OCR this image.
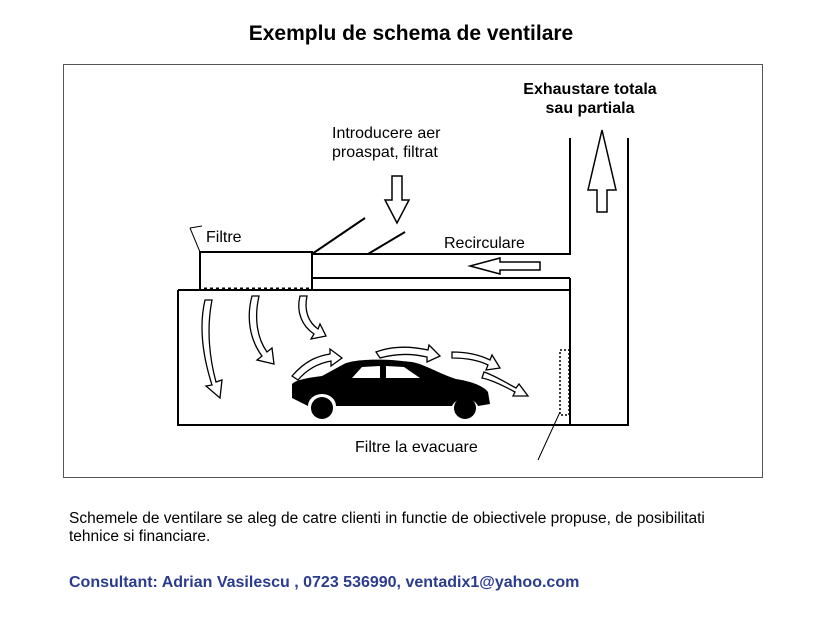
Exemplu de schema de ventilare
Exhaustare totala
sau partiala
Introducere aer
proaspat, filtrat
Filtre	Recirculare
Filtre la evacuare
Schemele de ventilare se aleg de catre clienti in functie de obiectivele propuse, de posibilitati tehnice si financiare.
Consultant: Adrian Vasilescu , 0723 536990, ventadix1@yahoo.com
